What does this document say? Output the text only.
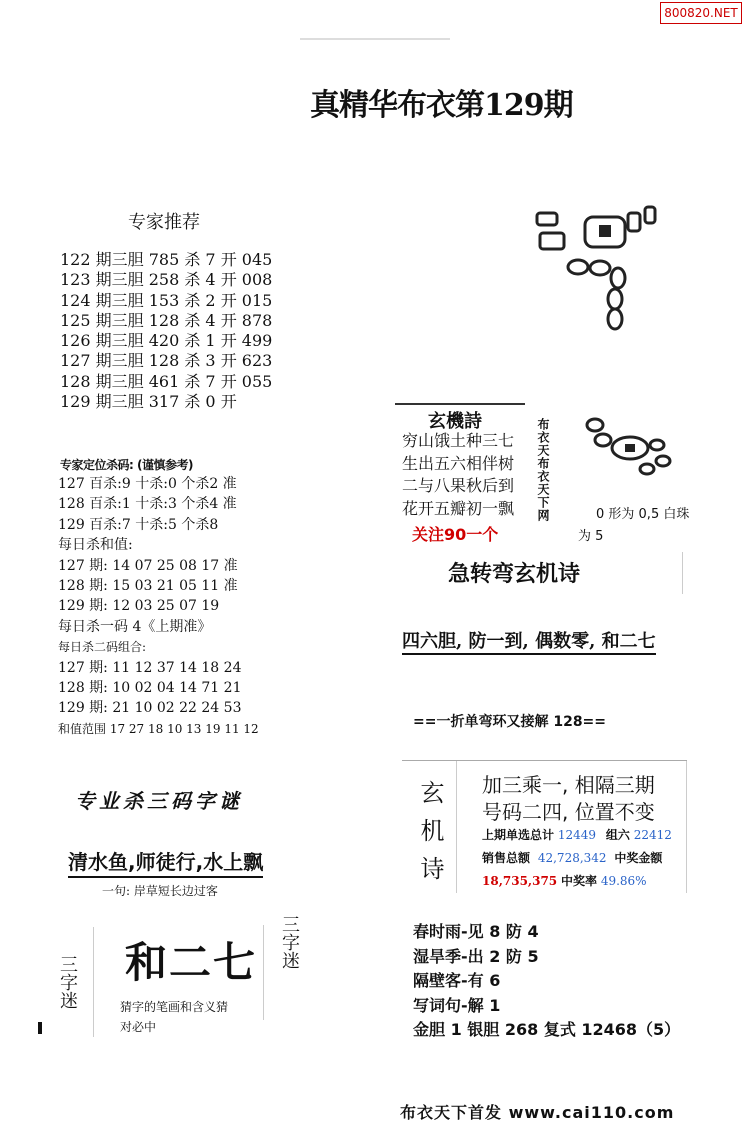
800820.NET
真精华布衣第129期
专家推荐
122 期三胆 785 杀 7 开 045
123 期三胆 258 杀 4 开 008
124 期三胆 153 杀 2 开 015
125 期三胆 128 杀 4 开 878
126 期三胆 420 杀 1 开 499
127 期三胆 128 杀 3 开 623
128 期三胆 461 杀 7 开 055
129 期三胆 317 杀 0 开
专家定位杀码: (谨慎参考)
127 百杀:9 十杀:0 个杀2 准
128 百杀:1 十杀:3 个杀4 准
129 百杀:7 十杀:5 个杀8
每日杀和值:
127 期: 14 07 25 08 17 准
128 期: 15 03 21 05 11 准
129 期: 12 03 25 07 19
每日杀一码 4《上期准》
每日杀二码组合:
127 期: 11 12 37 14 18 24
128 期: 10 02 04 14 71 21
129 期: 21 10 02 22 24 53
和值范围 17 27 18 10 13 19 11 12
专业杀三码字谜
清水鱼,师徒行,水上飘
一句: 岸草短长边过客
三字迷
三字迷
和二七
猜字的笔画和含义猜
对必中
玄機詩
穷山饿土种三七
生出五六相伴树
二与八果秋后到
花开五瓣初一飘
关注90一个
布衣天布衣天下网	0 形为 0,5 白珠
为 5
急转弯玄机诗
四六胆, 防一到, 偶数零, 和二七
==一折单弯环又接解 128==
玄机诗 加三乘一, 相隔三期
号码二四, 位置不变
上期单选总计 12449 组六 22412
销售总额 42,728,342 中奖金额
18,735,375 中奖率 49.86%
春时雨-见 8 防 4
湿旱季-出 2 防 5
隔壁客-有 6
写词句-解 1
金胆 1 银胆 268 复式 12468（5）
布衣天下首发 www.cai110.com
